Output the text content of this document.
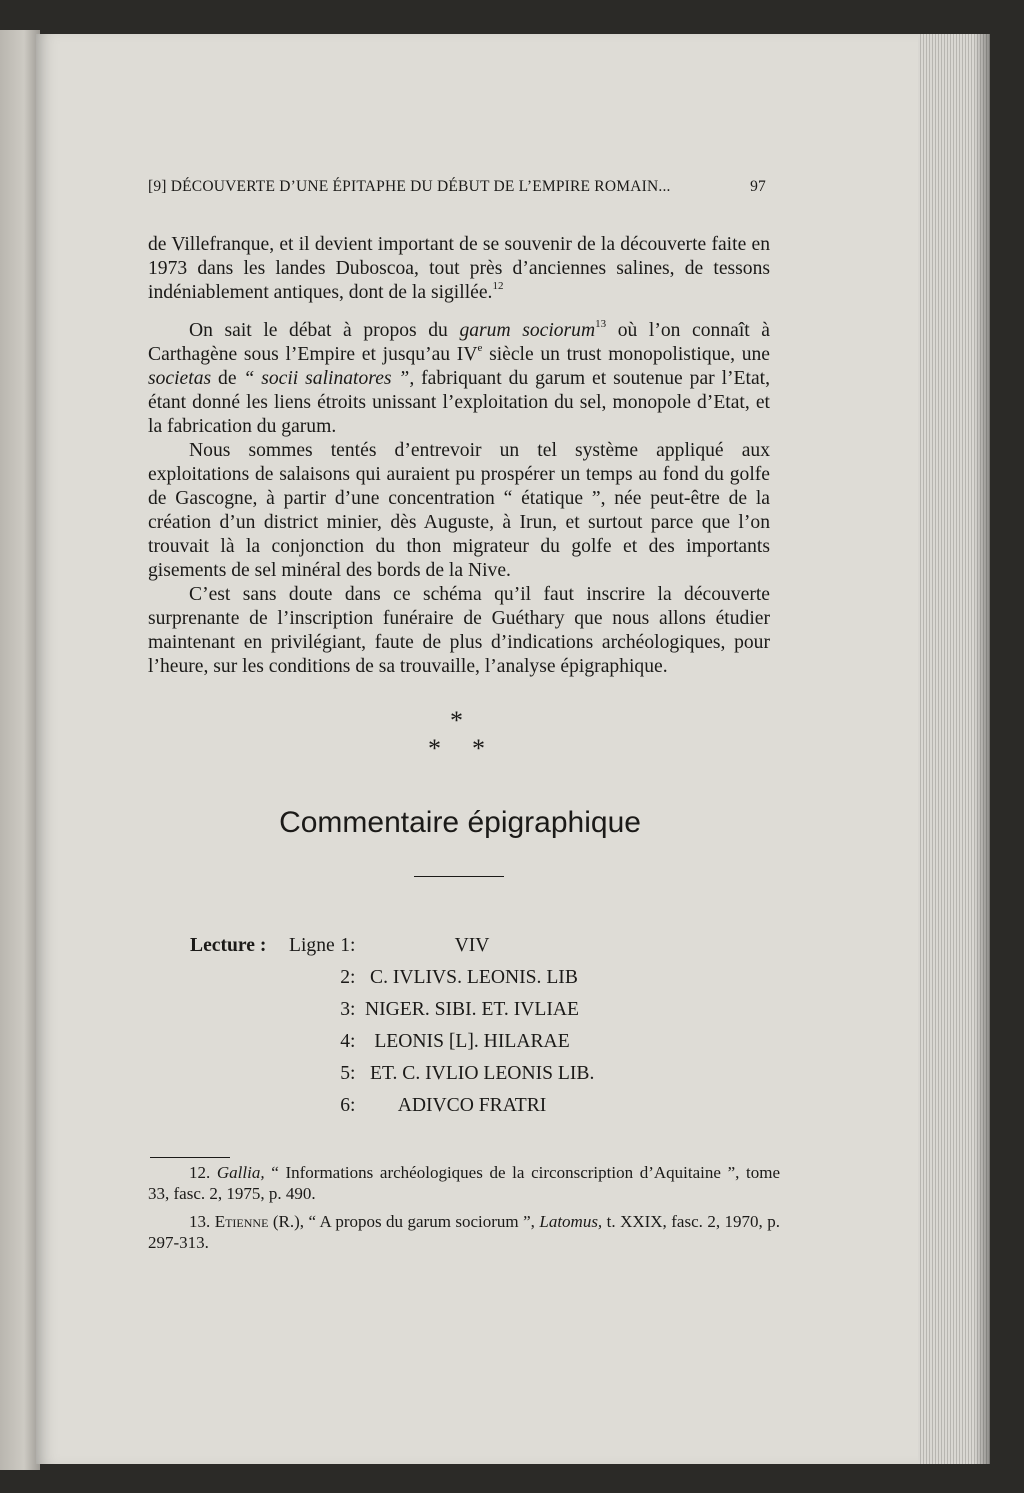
[9] DÉCOUVERTE D’UNE ÉPITAPHE DU DÉBUT DE L’EMPIRE ROMAIN...	97

de Villefranque, et il devient important de se souvenir de la découverte faite en 1973 dans les landes Duboscoa, tout près d’anciennes salines, de tessons indéniablement antiques, dont de la sigillée.$^{12}$

On sait le débat à propos du garum sociorum$^{13}$ où l’on connaît à Carthagène sous l’Empire et jusqu’au IVe siècle un trust monopolistique, une societas de “ socii salinatores ”, fabriquant du garum et soutenue par l’Etat, étant donné les liens étroits unissant l’exploitation du sel, monopole d’Etat, et la fabrication du garum.

Nous sommes tentés d’entrevoir un tel système appliqué aux exploitations de salaisons qui auraient pu prospérer un temps au fond du golfe de Gascogne, à partir d’une concentration “ étatique ”, née peut-être de la création d’un district minier, dès Auguste, à Irun, et surtout parce que l’on trouvait là la conjonction du thon migrateur du golfe et des importants gisements de sel minéral des bords de la Nive.

C’est sans doute dans ce schéma qu’il faut inscrire la découverte surprenante de l’inscription funéraire de Guéthary que nous allons étudier maintenant en privilégiant, faute de plus d’indications archéologiques, pour l’heure, sur les conditions de sa trouvaille, l’analyse épigraphique.

*
* *
Commentaire épigraphique
Lecture : Ligne 1 :	VIV
2 : C. IVLIVS. LEONIS. LIB
3 : NIGER. SIBI. ET. IVLIAE
4 : LEONIS [L]. HILARAE
5 : ET. C. IVLIO LEONIS LIB.
6 :	ADIVCO FRATRI

12. Gallia, “ Informations archéologiques de la circonscription d’Aquitaine ”, tome 33, fasc. 2, 1975, p. 490.

13. Etienne (R.), “ A propos du garum sociorum ”, Latomus, t. XXIX, fasc. 2, 1970, p. 297-313.
